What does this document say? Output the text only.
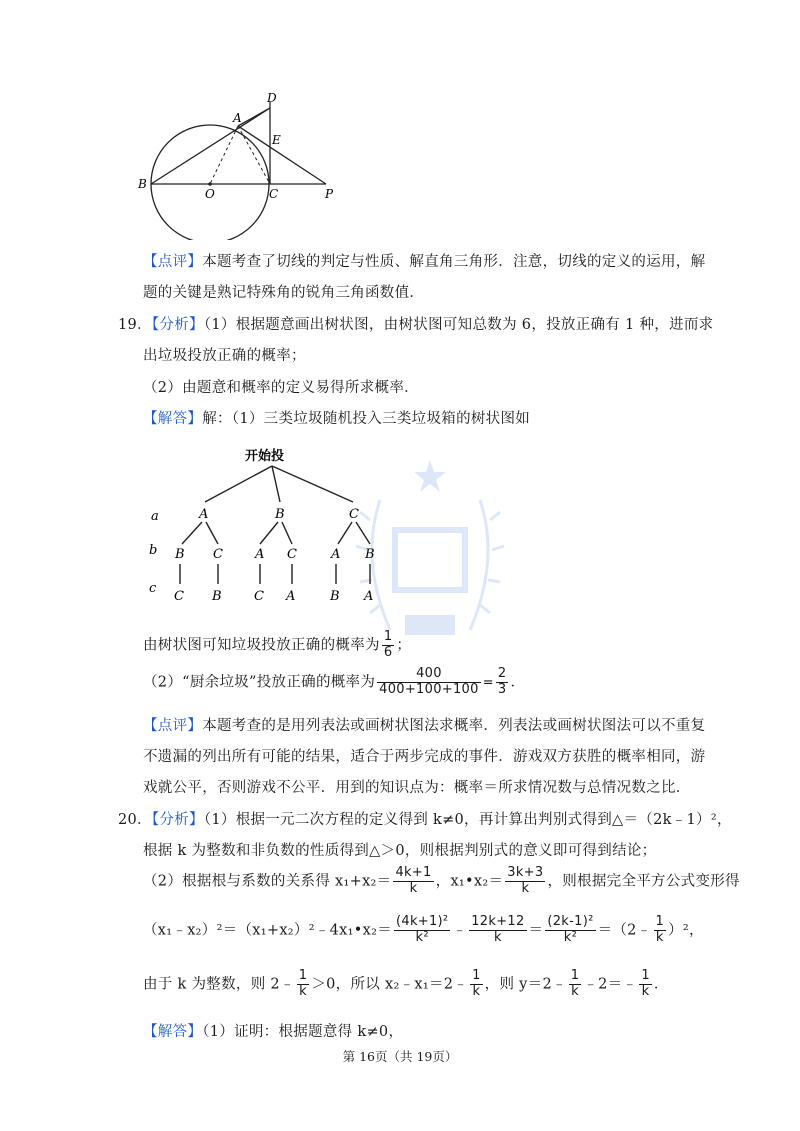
A
D
E
B
O	C	P
【点评】本题考查了切线的判定与性质、解直角三角形．注意，切线的定义的运用，解
题的关键是熟记特殊角的锐角三角函数值．
19．【分析】（1）根据题意画出树状图，由树状图可知总数为 6，投放正确有 1 种，进而求
出垃圾投放正确的概率；
（2）由题意和概率的定义易得所求概率．
【解答】解：（1）三类垃圾随机投入三类垃圾箱的树状图如
开始投
a
b
c
A	B	C
B C A C	A B
C B C A	B A
由树状图可知垃圾投放正确的概率为 $\frac{1}{6}$ ；
（2）“厨余垃圾”投放正确的概率为 $\frac{400}{400+100+100} = \frac{2}{3}$ ．
【点评】本题考查的是用列表法或画树状图法求概率．列表法或画树状图法可以不重复
不遗漏的列出所有可能的结果，适合于两步完成的事件．游戏双方获胜的概率相同，游
戏就公平，否则游戏不公平．用到的知识点为：概率＝所求情况数与总情况数之比．
20．【分析】（1）根据一元二次方程的定义得到 k≠0，再计算出判别式得到△＝（2k﹣1）²，
根据 k 为整数和非负数的性质得到△＞0，则根据判别式的意义即可得到结论；
（2）根据根与系数的关系得 $x_1+x_2= \frac{4k+1}{k}$ ，x₁•x₂＝ $\frac{3k+3}{k}$ ，则根据完全平方公式变形得
（x₁﹣x₂）²＝（x₁+x₂）²﹣4x₁•x₂＝ $\frac{\text{(4k+1)²}}{\text{k²}}$ ﹣ $\frac{12k+12}{k} = \frac{\text{(2k-1)²}}{\text{k²}}$ ＝（2﹣ $\frac{1}{k} )^2$，
由于 k 为整数，则 2﹣ $\frac{1}{k} >0$，所以 x₂﹣x₁＝2﹣ $\frac{1}{k}$ ，则 y＝2﹣ $\frac{1}{k}$ ﹣2＝﹣ $\frac{1}{k}$ ．
【解答】（1）证明：根据题意得 k≠0，
第 16页（共 19页）
